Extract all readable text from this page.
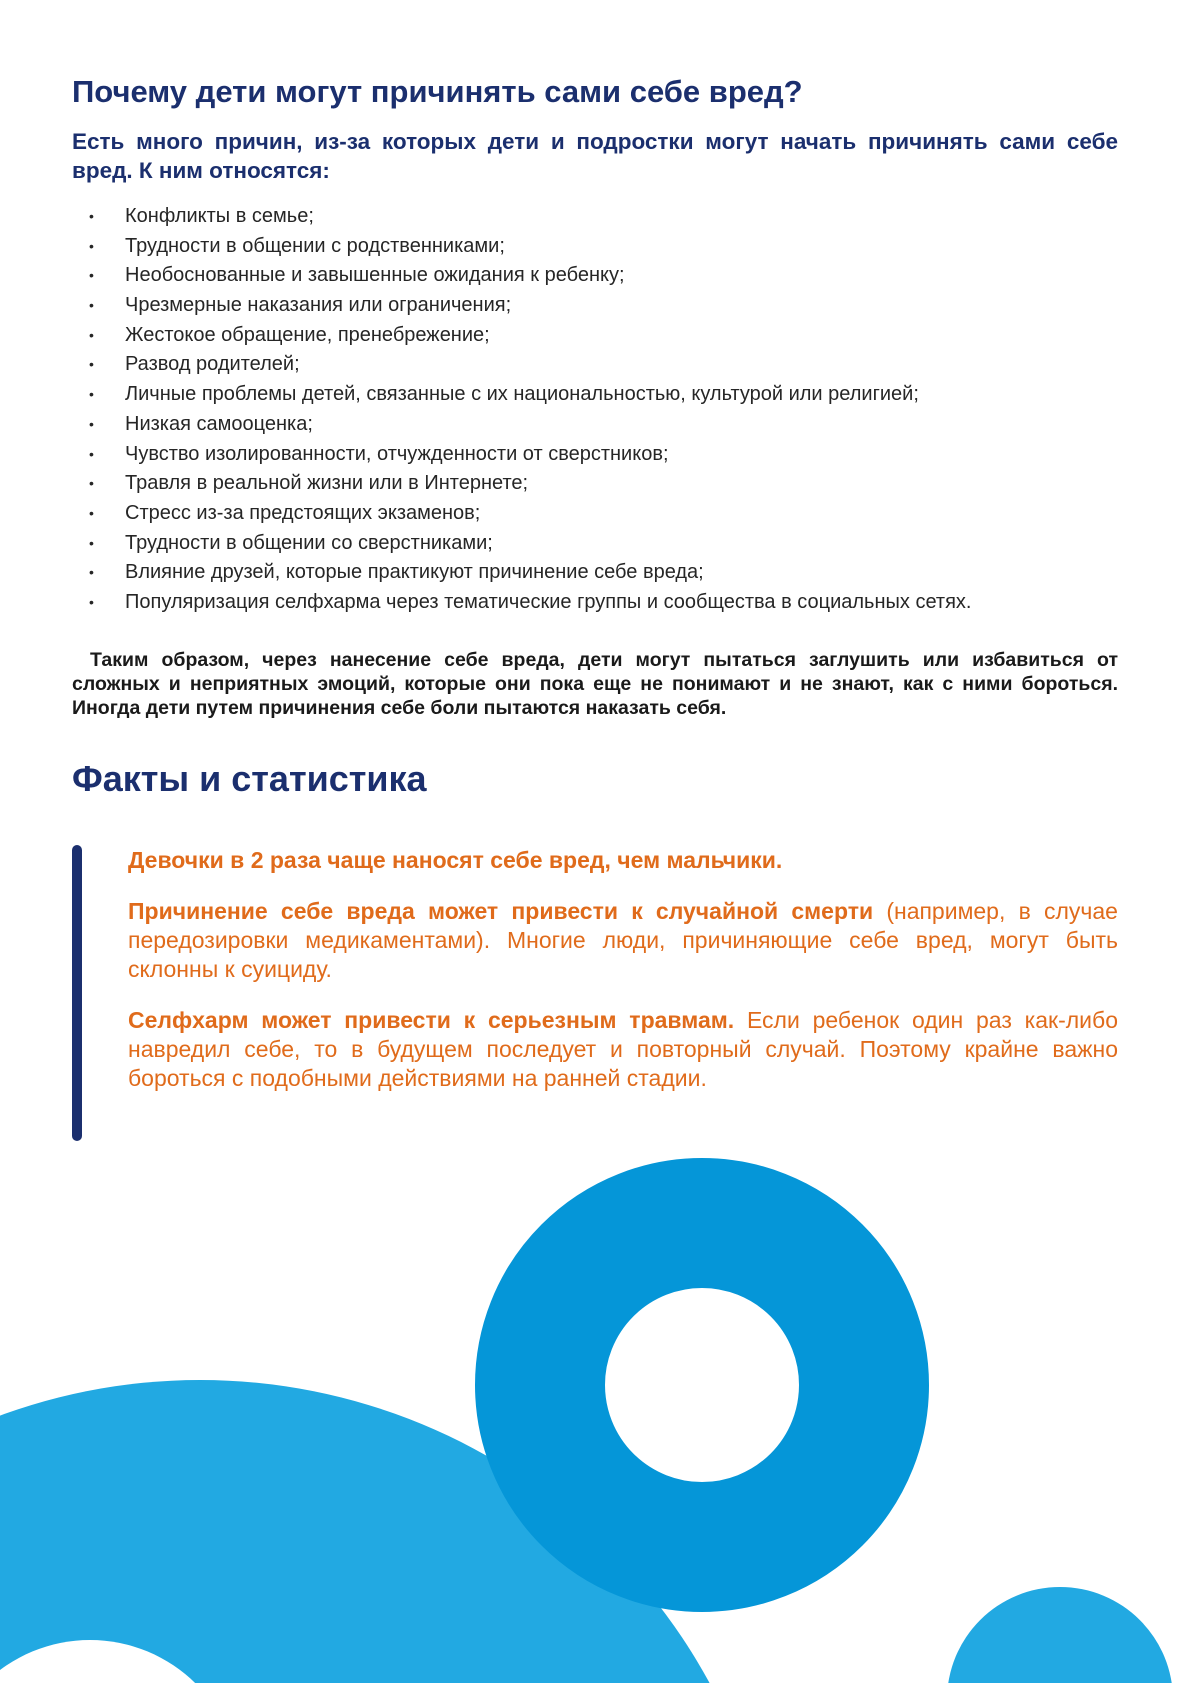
Почему дети могут причинять сами себе вред?

Есть много причин, из-за которых дети и подростки могут начать причинять сами себе вред. К ним относятся:

• Конфликты в семье;
• Трудности в общении с родственниками;
• Необоснованные и завышенные ожидания к ребенку;
• Чрезмерные наказания или ограничения;
• Жестокое обращение, пренебрежение;
• Развод родителей;
• Личные проблемы детей, связанные с их национальностью, культурой или религией;
• Низкая самооценка;
• Чувство изолированности, отчужденности от сверстников;
• Травля в реальной жизни или в Интернете;
• Стресс из-за предстоящих экзаменов;
• Трудности в общении со сверстниками;
• Влияние друзей, которые практикуют причинение себе вреда;
• Популяризация селфхарма через тематические группы и сообщества в социальных сетях.

Таким образом, через нанесение себе вреда, дети могут пытаться заглушить или избавиться от сложных и неприятных эмоций, которые они пока еще не понимают и не знают, как с ними бороться. Иногда дети путем причинения себе боли пытаются наказать себя.

Факты и статистика

Девочки в 2 раза чаще наносят себе вред, чем мальчики.

Причинение себе вреда может привести к случайной смерти (например, в случае передозировки медикаментами). Многие люди, причиняющие себе вред, могут быть склонны к суициду.

Селфхарм может привести к серьезным травмам. Если ребенок один раз как-либо навредил себе, то в будущем последует и повторный случай. Поэтому крайне важно бороться с подобными действиями на ранней стадии.
